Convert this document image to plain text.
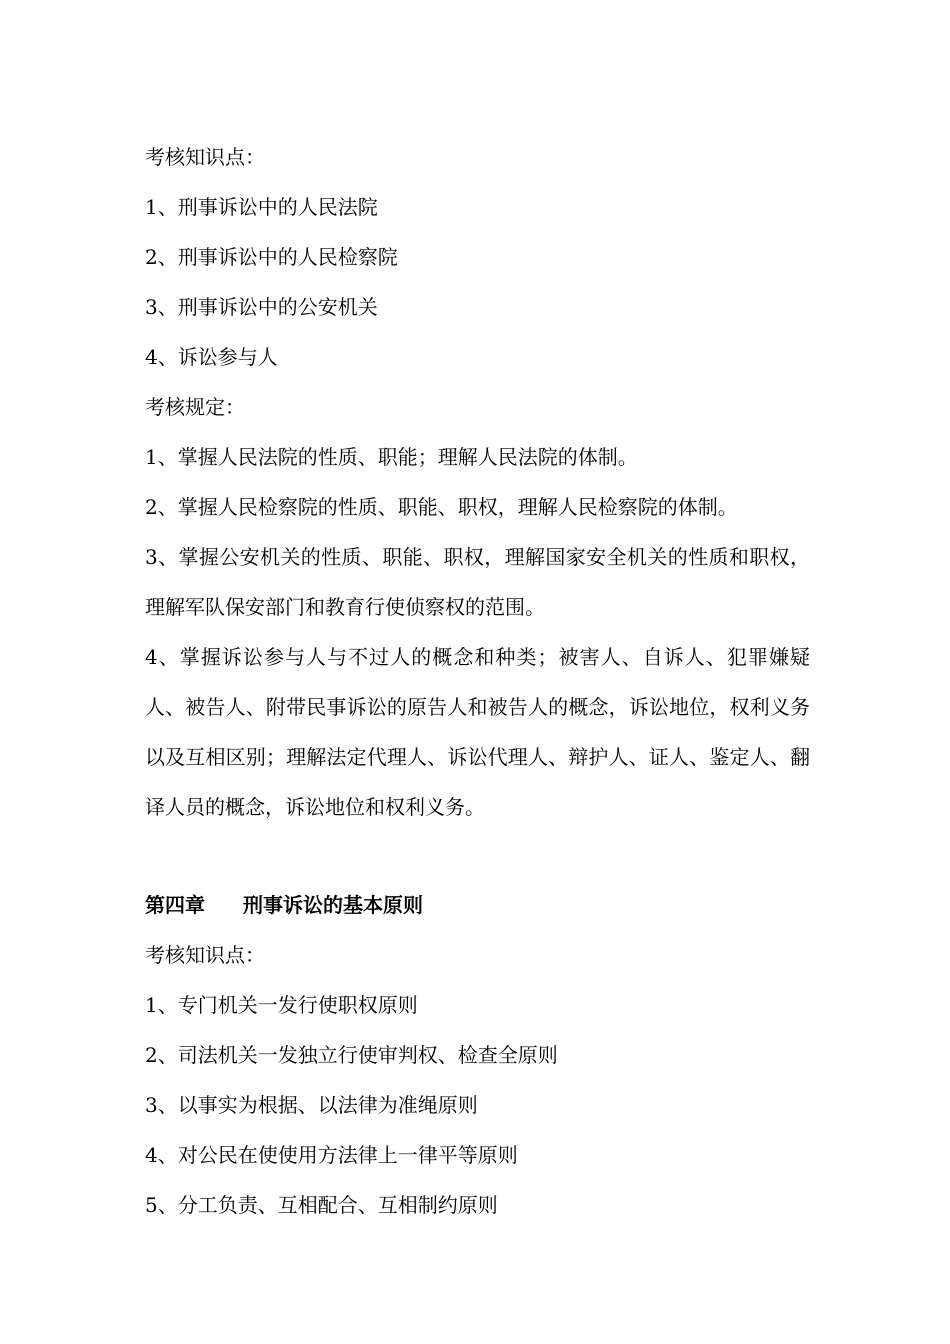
考核知识点：
1、刑事诉讼中的人民法院
2、刑事诉讼中的人民检察院
3、刑事诉讼中的公安机关
4、诉讼参与人
考核规定：
1、掌握人民法院的性质、职能；理解人民法院的体制。
2、掌握人民检察院的性质、职能、职权，理解人民检察院的体制。
3、掌握公安机关的性质、职能、职权，理解国家安全机关的性质和职权，理解军队保安部门和教育行使侦察权的范围。
4、掌握诉讼参与人与不过人的概念和种类；被害人、自诉人、犯罪嫌疑人、被告人、附带民事诉讼的原告人和被告人的概念，诉讼地位，权利义务以及互相区别；理解法定代理人、诉讼代理人、辩护人、证人、鉴定人、翻译人员的概念，诉讼地位和权利义务。
第四章 刑事诉讼的基本原则
考核知识点：
1、专门机关一发行使职权原则
2、司法机关一发独立行使审判权、检查全原则
3、以事实为根据、以法律为准绳原则
4、对公民在使使用方法律上一律平等原则
5、分工负责、互相配合、互相制约原则
